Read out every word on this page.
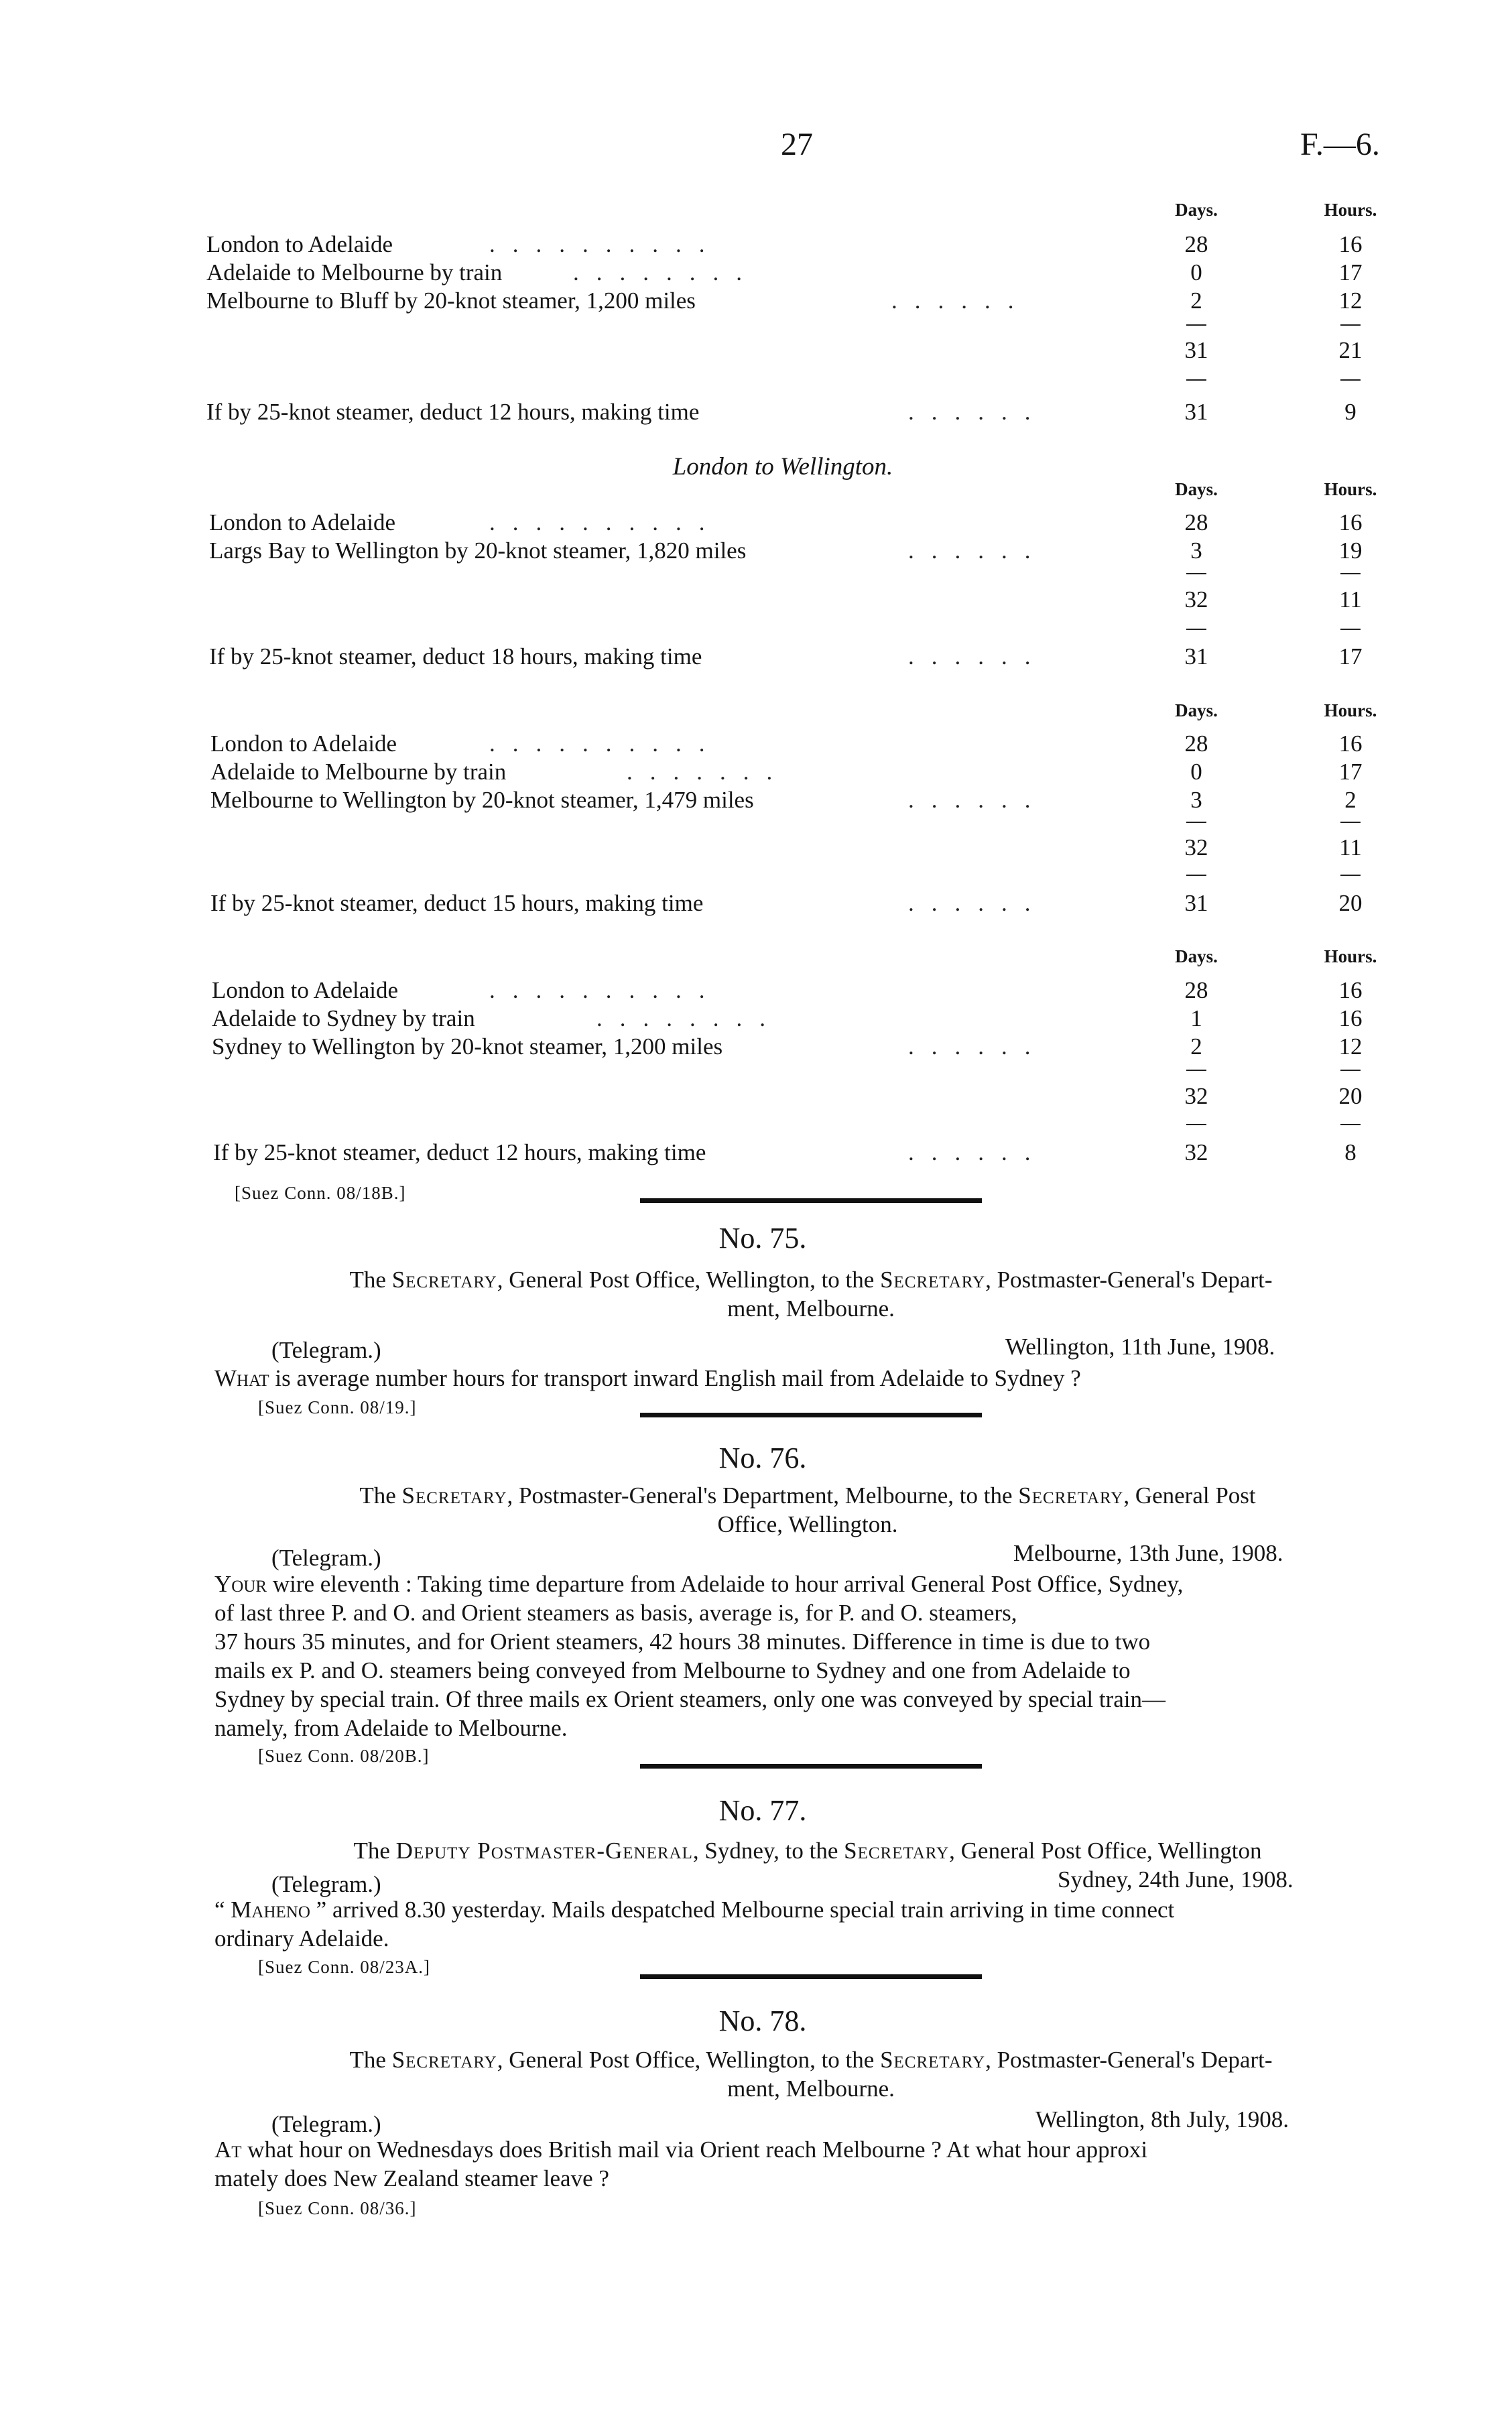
27	F.—6.
Days.	Hours.
London to Adelaide	..........	28	16
Adelaide to Melbourne by train	........	0	17
Melbourne to Bluff by 20-knot steamer, 1,200 miles	......	2	12
31	21
If by 25-knot steamer, deduct 12 hours, making time	......	31	9
London to Wellington.
Days.	Hours.
London to Adelaide	..........	28	16
Largs Bay to Wellington by 20-knot steamer, 1,820 miles	......	3	19
32	11
If by 25-knot steamer, deduct 18 hours, making time	......	31	17
Days.	Hours.
London to Adelaide	..........	28	16
Adelaide to Melbourne by train	.......	0	17
Melbourne to Wellington by 20-knot steamer, 1,479 miles	......	3	2
32	11
If by 25-knot steamer, deduct 15 hours, making time	......	31	20
Days.	Hours.
London to Adelaide	..........	28	16
Adelaide to Sydney by train	........	1	16
Sydney to Wellington by 20-knot steamer, 1,200 miles	......	2	12
32	20
If by 25-knot steamer, deduct 12 hours, making time	......	32	8
[Suez Conn. 08/18B.]
No. 75.
The Secretary, General Post Office, Wellington, to the Secretary, Postmaster-General's Depart-
ment, Melbourne.
(Telegram.)	Wellington, 11th June, 1908.
What is average number hours for transport inward English mail from Adelaide to Sydney ?
[Suez Conn. 08/19.]
No. 76.
The Secretary, Postmaster-General's Department, Melbourne, to the Secretary, General Post
Office, Wellington.
(Telegram.)	Melbourne, 13th June, 1908.
Your wire eleventh : Taking time departure from Adelaide to hour arrival General Post Office, Sydney,
of last three P. and O. and Orient steamers as basis, average is, for P. and O. steamers,
37 hours 35 minutes, and for Orient steamers, 42 hours 38 minutes. Difference in time is due to two
mails ex P. and O. steamers being conveyed from Melbourne to Sydney and one from Adelaide to
Sydney by special train. Of three mails ex Orient steamers, only one was conveyed by special train—
namely, from Adelaide to Melbourne.
[Suez Conn. 08/20B.]
No. 77.
The Deputy Postmaster-General, Sydney, to the Secretary, General Post Office, Wellington
(Telegram.)	Sydney, 24th June, 1908.
“ Maheno ” arrived 8.30 yesterday. Mails despatched Melbourne special train arriving in time connect
ordinary Adelaide.
[Suez Conn. 08/23A.]
No. 78.
The Secretary, General Post Office, Wellington, to the Secretary, Postmaster-General's Depart-
ment, Melbourne.
(Telegram.)	Wellington, 8th July, 1908.
At what hour on Wednesdays does British mail via Orient reach Melbourne ? At what hour approxi
mately does New Zealand steamer leave ?
[Suez Conn. 08/36.]
